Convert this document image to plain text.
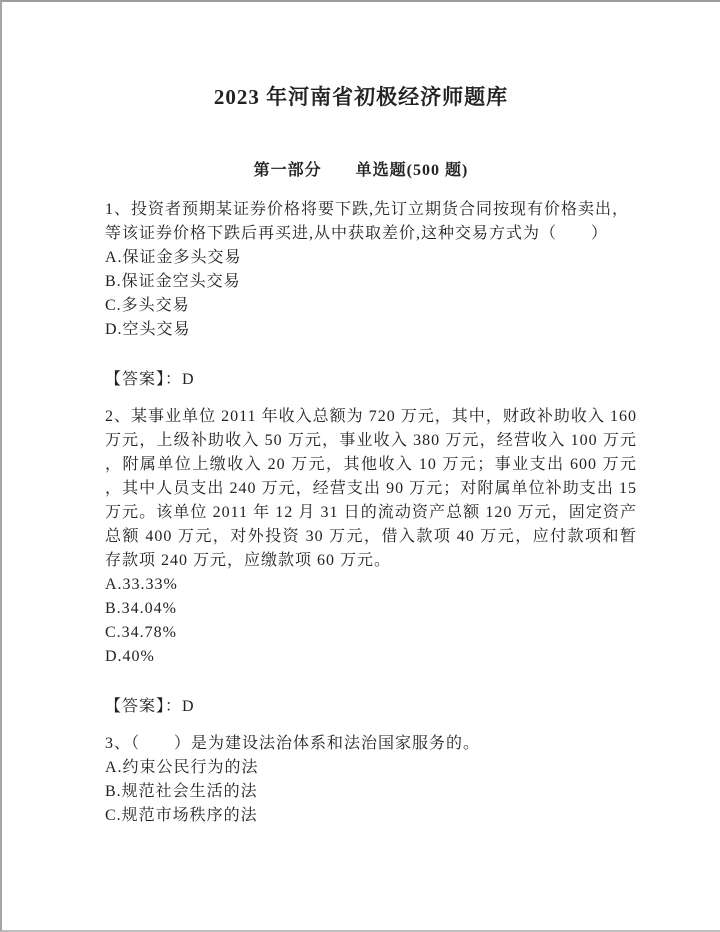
2023 年河南省初极经济师题库
第一部分　　单选题(500 题)
1、投资者预期某证券价格将要下跌,先订立期货合同按现有价格卖出，
等该证券价格下跌后再买进,从中获取差价,这种交易方式为（　　）
A.保证金多头交易
B.保证金空头交易
C.多头交易
D.空头交易
【答案】：D
2、某事业单位 2011 年收入总额为 720 万元，其中，财政补助收入 160
万元，上级补助收入 50 万元，事业收入 380 万元，经营收入 100 万元
，附属单位上缴收入 20 万元，其他收入 10 万元；事业支出 600 万元
，其中人员支出 240 万元，经营支出 90 万元；对附属单位补助支出 15
万元。该单位 2011 年 12 月 31 日的流动资产总额 120 万元，固定资产
总额 400 万元，对外投资 30 万元，借入款项 40 万元，应付款项和暂
存款项 240 万元，应缴款项 60 万元。
A.33.33%
B.34.04%
C.34.78%
D.40%
【答案】：D
3、（　　）是为建设法治体系和法治国家服务的。
A.约束公民行为的法
B.规范社会生活的法
C.规范市场秩序的法
